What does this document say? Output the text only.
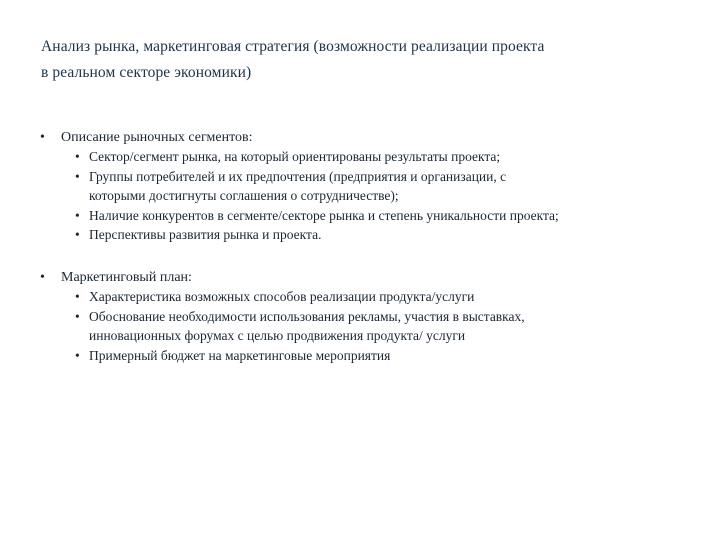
Анализ рынка, маркетинговая стратегия (возможности реализации проекта
в реальном секторе экономики)
• Описание рыночных сегментов:
• Сектор/сегмент рынка, на который ориентированы результаты проекта;
• Группы потребителей и их предпочтения (предприятия и организации, с
которыми достигнуты соглашения о сотрудничестве);
• Наличие конкурентов в сегменте/секторе рынка и степень уникальности проекта;
• Перспективы развития рынка и проекта.
• Маркетинговый план:
• Характеристика возможных способов реализации продукта/услуги
• Обоснование необходимости использования рекламы, участия в выставках,
инновационных форумах с целью продвижения продукта/ услуги
• Примерный бюджет на маркетинговые мероприятия
